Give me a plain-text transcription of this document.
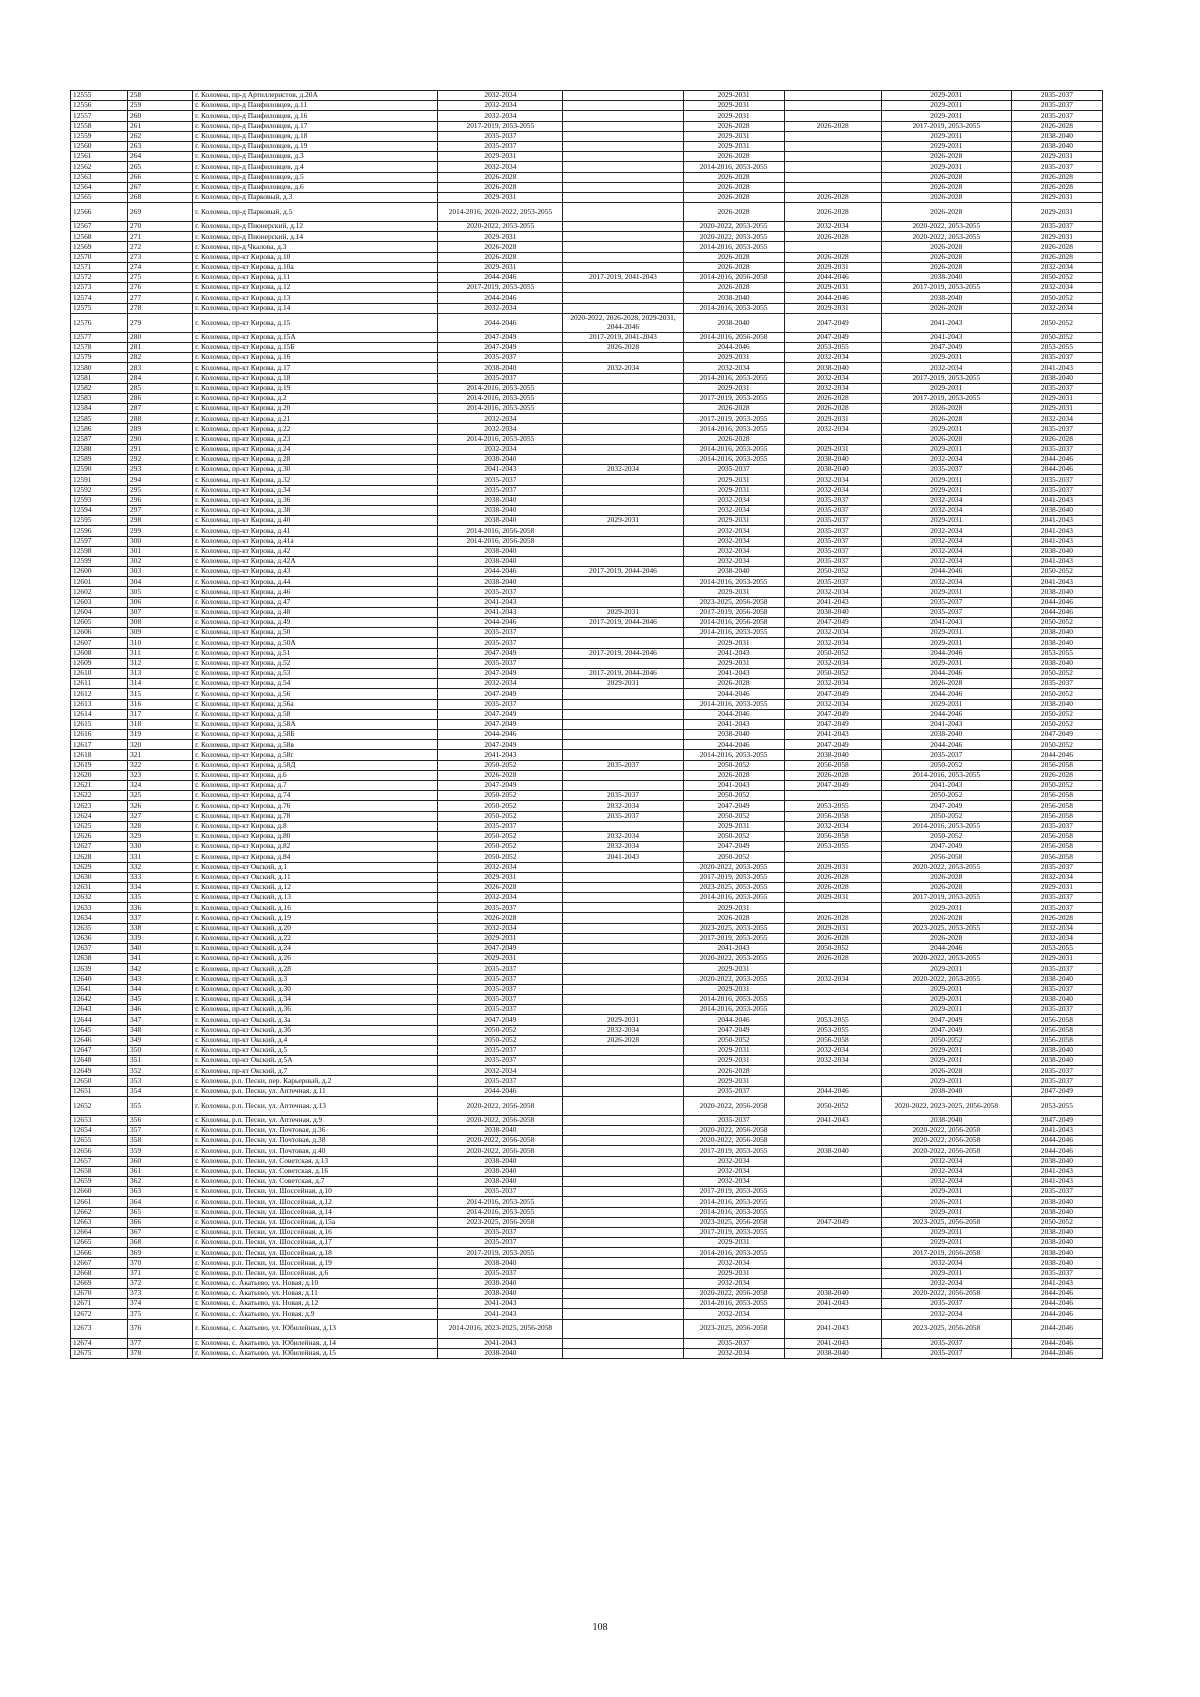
12555	258	г. Коломна, пр-д Артиллеристов, д.20А	2032-2034		2029-2031		2029-2031	2035-2037
12556	259	г. Коломна, пр-д Панфиловцев, д.11	2032-2034		2029-2031		2029-2031	2035-2037
12557	260	г. Коломна, пр-д Панфиловцев, д.16	2032-2034		2029-2031		2029-2031	2035-2037
12558	261	г. Коломна, пр-д Панфиловцев, д.17	2017-2019, 2053-2055		2026-2028	2026-2028	2017-2019, 2053-2055	2026-2028
12559	262	г. Коломна, пр-д Панфиловцев, д.18	2035-2037		2029-2031		2029-2031	2038-2040
12560	263	г. Коломна, пр-д Панфиловцев, д.19	2035-2037		2029-2031		2029-2031	2038-2040
12561	264	г. Коломна, пр-д Панфиловцев, д.3	2029-2031		2026-2028		2026-2028	2029-2031
12562	265	г. Коломна, пр-д Панфиловцев, д.4	2032-2034		2014-2016, 2053-2055		2029-2031	2035-2037
12563	266	г. Коломна, пр-д Панфиловцев, д.5	2026-2028		2026-2028		2026-2028	2026-2028
12564	267	г. Коломна, пр-д Панфиловцев, д.6	2026-2028		2026-2028		2026-2028	2026-2028
12565	268	г. Коломна, пр-д Парковый, д.3	2029-2031		2026-2028	2026-2028	2026-2028	2029-2031
12566	269	г. Коломна, пр-д Парковый, д.5	2014-2016, 2020-2022, 2053-2055		2026-2028	2026-2028	2026-2028	2029-2031
12567	270	г. Коломна, пр-д Пионерский, д.12	2020-2022, 2053-2055		2020-2022, 2053-2055	2032-2034	2020-2022, 2053-2055	2035-2037
12568	271	г. Коломна, пр-д Пионерский, д.14	2029-2031		2020-2022, 2053-2055	2026-2028	2020-2022, 2053-2055	2029-2031
12569	272	г. Коломна, пр-д Чкалова, д.3	2026-2028		2014-2016, 2053-2055		2026-2028	2026-2028
12570	273	г. Коломна, пр-кт Кирова, д.10	2026-2028		2026-2028	2026-2028	2026-2028	2026-2028
12571	274	г. Коломна, пр-кт Кирова, д.10а	2029-2031		2026-2028	2029-2031	2026-2028	2032-2034
12572	275	г. Коломна, пр-кт Кирова, д.11	2044-2046	2017-2019, 2041-2043	2014-2016, 2056-2058	2044-2046	2038-2040	2050-2052
12573	276	г. Коломна, пр-кт Кирова, д.12	2017-2019, 2053-2055		2026-2028	2029-2031	2017-2019, 2053-2055	2032-2034
12574	277	г. Коломна, пр-кт Кирова, д.13	2044-2046		2038-2040	2044-2046	2038-2040	2050-2052
12575	278	г. Коломна, пр-кт Кирова, д.14	2032-2034		2014-2016, 2053-2055	2029-2031	2026-2028	2032-2034
12576	279	г. Коломна, пр-кт Кирова, д.15	2044-2046	2020-2022, 2026-2028, 2029-2031, 2044-2046	2038-2040	2047-2049	2041-2043	2050-2052
12577	280	г. Коломна, пр-кт Кирова, д.15А	2047-2049	2017-2019, 2041-2043	2014-2016, 2056-2058	2047-2049	2041-2043	2050-2052
12578	281	г. Коломна, пр-кт Кирова, д.15Б	2047-2049	2026-2028	2044-2046	2053-2055	2047-2049	2053-2055
12579	282	г. Коломна, пр-кт Кирова, д.16	2035-2037		2029-2031	2032-2034	2029-2031	2035-2037
12580	283	г. Коломна, пр-кт Кирова, д.17	2038-2040	2032-2034	2032-2034	2038-2040	2032-2034	2041-2043
12581	284	г. Коломна, пр-кт Кирова, д.18	2035-2037		2014-2016, 2053-2055	2032-2034	2017-2019, 2053-2055	2038-2040
12582	285	г. Коломна, пр-кт Кирова, д.19	2014-2016, 2053-2055		2029-2031	2032-2034	2029-2031	2035-2037
12583	286	г. Коломна, пр-кт Кирова, д.2	2014-2016, 2053-2055		2017-2019, 2053-2055	2026-2028	2017-2019, 2053-2055	2029-2031
12584	287	г. Коломна, пр-кт Кирова, д.20	2014-2016, 2053-2055		2026-2028	2026-2028	2026-2028	2029-2031
12585	288	г. Коломна, пр-кт Кирова, д.21	2032-2034		2017-2019, 2053-2055	2029-2031	2026-2028	2032-2034
12586	289	г. Коломна, пр-кт Кирова, д.22	2032-2034		2014-2016, 2053-2055	2032-2034	2029-2031	2035-2037
12587	290	г. Коломна, пр-кт Кирова, д.23	2014-2016, 2053-2055		2026-2028		2026-2028	2026-2028
12588	291	г. Коломна, пр-кт Кирова, д.24	2032-2034		2014-2016, 2053-2055	2029-2031	2029-2031	2035-2037
12589	292	г. Коломна, пр-кт Кирова, д.28	2038-2040		2014-2016, 2053-2055	2038-2040	2032-2034	2044-2046
12590	293	г. Коломна, пр-кт Кирова, д.30	2041-2043	2032-2034	2035-2037	2038-2040	2035-2037	2044-2046
12591	294	г. Коломна, пр-кт Кирова, д.32	2035-2037		2029-2031	2032-2034	2029-2031	2035-2037
12592	295	г. Коломна, пр-кт Кирова, д.34	2035-2037		2029-2031	2032-2034	2029-2031	2035-2037
12593	296	г. Коломна, пр-кт Кирова, д.36	2038-2040		2032-2034	2035-2037	2032-2034	2041-2043
12594	297	г. Коломна, пр-кт Кирова, д.38	2038-2040		2032-2034	2035-2037	2032-2034	2038-2040
12595	298	г. Коломна, пр-кт Кирова, д.40	2038-2040	2029-2031	2029-2031	2035-2037	2029-2031	2041-2043
12596	299	г. Коломна, пр-кт Кирова, д.41	2014-2016, 2056-2058		2032-2034	2035-2037	2032-2034	2041-2043
12597	300	г. Коломна, пр-кт Кирова, д.41а	2014-2016, 2056-2058		2032-2034	2035-2037	2032-2034	2041-2043
12598	301	г. Коломна, пр-кт Кирова, д.42	2038-2040		2032-2034	2035-2037	2032-2034	2038-2040
12599	302	г. Коломна, пр-кт Кирова, д.42А	2038-2040		2032-2034	2035-2037	2032-2034	2041-2043
12600	303	г. Коломна, пр-кт Кирова, д.43	2044-2046	2017-2019, 2044-2046	2038-2040	2050-2052	2044-2046	2050-2052
12601	304	г. Коломна, пр-кт Кирова, д.44	2038-2040		2014-2016, 2053-2055	2035-2037	2032-2034	2041-2043
12602	305	г. Коломна, пр-кт Кирова, д.46	2035-2037		2029-2031	2032-2034	2029-2031	2038-2040
12603	306	г. Коломна, пр-кт Кирова, д.47	2041-2043		2023-2025, 2056-2058	2041-2043	2035-2037	2044-2046
12604	307	г. Коломна, пр-кт Кирова, д.48	2041-2043	2029-2031	2017-2019, 2056-2058	2038-2040	2035-2037	2044-2046
12605	308	г. Коломна, пр-кт Кирова, д.49	2044-2046	2017-2019, 2044-2046	2014-2016, 2056-2058	2047-2049	2041-2043	2050-2052
12606	309	г. Коломна, пр-кт Кирова, д.50	2035-2037		2014-2016, 2053-2055	2032-2034	2029-2031	2038-2040
12607	310	г. Коломна, пр-кт Кирова, д.50А	2035-2037		2029-2031	2032-2034	2029-2031	2038-2040
12608	311	г. Коломна, пр-кт Кирова, д.51	2047-2049	2017-2019, 2044-2046	2041-2043	2050-2052	2044-2046	2053-2055
12609	312	г. Коломна, пр-кт Кирова, д.52	2035-2037		2029-2031	2032-2034	2029-2031	2038-2040
12610	313	г. Коломна, пр-кт Кирова, д.53	2047-2049	2017-2019, 2044-2046	2041-2043	2050-2052	2044-2046	2050-2052
12611	314	г. Коломна, пр-кт Кирова, д.54	2032-2034	2029-2031	2026-2028	2032-2034	2026-2028	2035-2037
12612	315	г. Коломна, пр-кт Кирова, д.56	2047-2049		2044-2046	2047-2049	2044-2046	2050-2052
12613	316	г. Коломна, пр-кт Кирова, д.56а	2035-2037		2014-2016, 2053-2055	2032-2034	2029-2031	2038-2040
12614	317	г. Коломна, пр-кт Кирова, д.58	2047-2049		2044-2046	2047-2049	2044-2046	2050-2052
12615	318	г. Коломна, пр-кт Кирова, д.58А	2047-2049		2041-2043	2047-2049	2041-2043	2050-2052
12616	319	г. Коломна, пр-кт Кирова, д.58Б	2044-2046		2038-2040	2041-2043	2038-2040	2047-2049
12617	320	г. Коломна, пр-кт Кирова, д.58в	2047-2049		2044-2046	2047-2049	2044-2046	2050-2052
12618	321	г. Коломна, пр-кт Кирова, д.58г	2041-2043		2014-2016, 2053-2055	2038-2040	2035-2037	2044-2046
12619	322	г. Коломна, пр-кт Кирова, д.58Д	2050-2052	2035-2037	2050-2052	2056-2058	2050-2052	2056-2058
12620	323	г. Коломна, пр-кт Кирова, д.6	2026-2028		2026-2028	2026-2028	2014-2016, 2053-2055	2026-2028
12621	324	г. Коломна, пр-кт Кирова, д.7	2047-2049		2041-2043	2047-2049	2041-2043	2050-2052
12622	325	г. Коломна, пр-кт Кирова, д.74	2050-2052	2035-2037	2050-2052		2050-2052	2056-2058
12623	326	г. Коломна, пр-кт Кирова, д.76	2050-2052	2032-2034	2047-2049	2053-2055	2047-2049	2056-2058
12624	327	г. Коломна, пр-кт Кирова, д.78	2050-2052	2035-2037	2050-2052	2056-2058	2050-2052	2056-2058
12625	328	г. Коломна, пр-кт Кирова, д.8	2035-2037		2029-2031	2032-2034	2014-2016, 2053-2055	2035-2037
12626	329	г. Коломна, пр-кт Кирова, д.80	2050-2052	2032-2034	2050-2052	2056-2058	2050-2052	2056-2058
12627	330	г. Коломна, пр-кт Кирова, д.82	2050-2052	2032-2034	2047-2049	2053-2055	2047-2049	2056-2058
12628	331	г. Коломна, пр-кт Кирова, д.84	2050-2052	2041-2043	2050-2052		2056-2058	2056-2058
12629	332	г. Коломна, пр-кт Окский, д.1	2032-2034		2020-2022, 2053-2055	2029-2031	2020-2022, 2053-2055	2035-2037
12630	333	г. Коломна, пр-кт Окский, д.11	2029-2031		2017-2019, 2053-2055	2026-2028	2026-2028	2032-2034
12631	334	г. Коломна, пр-кт Окский, д.12	2026-2028		2023-2025, 2053-2055	2026-2028	2026-2028	2029-2031
12632	335	г. Коломна, пр-кт Окский, д.13	2032-2034		2014-2016, 2053-2055	2029-2031	2017-2019, 2053-2055	2035-2037
12633	336	г. Коломна, пр-кт Окский, д.16	2035-2037		2029-2031		2029-2031	2035-2037
12634	337	г. Коломна, пр-кт Окский, д.19	2026-2028		2026-2028	2026-2028	2026-2028	2026-2028
12635	338	г. Коломна, пр-кт Окский, д.20	2032-2034		2023-2025, 2053-2055	2029-2031	2023-2025, 2053-2055	2032-2034
12636	339	г. Коломна, пр-кт Окский, д.22	2029-2031		2017-2019, 2053-2055	2026-2028	2026-2028	2032-2034
12637	340	г. Коломна, пр-кт Окский, д.24	2047-2049		2041-2043	2050-2052	2044-2046	2053-2055
12638	341	г. Коломна, пр-кт Окский, д.26	2029-2031		2020-2022, 2053-2055	2026-2028	2020-2022, 2053-2055	2029-2031
12639	342	г. Коломна, пр-кт Окский, д.28	2035-2037		2029-2031		2029-2031	2035-2037
12640	343	г. Коломна, пр-кт Окский, д.3	2035-2037		2020-2022, 2053-2055	2032-2034	2020-2022, 2053-2055	2038-2040
12641	344	г. Коломна, пр-кт Окский, д.30	2035-2037		2029-2031		2029-2031	2035-2037
12642	345	г. Коломна, пр-кт Окский, д.34	2035-2037		2014-2016, 2053-2055		2029-2031	2038-2040
12643	346	г. Коломна, пр-кт Окский, д.36	2035-2037		2014-2016, 2053-2055		2029-2031	2035-2037
12644	347	г. Коломна, пр-кт Окский, д.3а	2047-2049	2029-2031	2044-2046	2053-2055	2047-2049	2056-2058
12645	348	г. Коломна, пр-кт Окский, д.3б	2050-2052	2032-2034	2047-2049	2053-2055	2047-2049	2056-2058
12646	349	г. Коломна, пр-кт Окский, д.4	2050-2052	2026-2028	2050-2052	2056-2058	2050-2052	2056-2058
12647	350	г. Коломна, пр-кт Окский, д.5	2035-2037		2029-2031	2032-2034	2029-2031	2038-2040
12648	351	г. Коломна, пр-кт Окский, д.5А	2035-2037		2029-2031	2032-2034	2029-2031	2038-2040
12649	352	г. Коломна, пр-кт Окский, д.7	2032-2034		2026-2028		2026-2028	2035-2037
12650	353	г. Коломна, р.п. Пески, пер. Карьерный, д.2	2035-2037		2029-2031		2029-2031	2035-2037
12651	354	г. Коломна, р.п. Пески, ул. Аптечная, д.11	2044-2046		2035-2037	2044-2046	2038-2040	2047-2049
12652	355	г. Коломна, р.п. Пески, ул. Аптечная, д.13	2020-2022, 2056-2058		2020-2022, 2056-2058	2050-2052	2020-2022, 2023-2025, 2056-2058	2053-2055
12653	356	г. Коломна, р.п. Пески, ул. Аптечная, д.9	2020-2022, 2056-2058		2035-2037	2041-2043	2038-2040	2047-2049
12654	357	г. Коломна, р.п. Пески, ул. Почтовая, д.36	2038-2040		2020-2022, 2056-2058		2020-2022, 2056-2058	2041-2043
12655	358	г. Коломна, р.п. Пески, ул. Почтовая, д.38	2020-2022, 2056-2058		2020-2022, 2056-2058		2020-2022, 2056-2058	2044-2046
12656	359	г. Коломна, р.п. Пески, ул. Почтовая, д.40	2020-2022, 2056-2058		2017-2019, 2053-2055	2038-2040	2020-2022, 2056-2058	2044-2046
12657	360	г. Коломна, р.п. Пески, ул. Советская, д.13	2038-2040		2032-2034		2032-2034	2038-2040
12658	361	г. Коломна, р.п. Пески, ул. Советская, д.16	2038-2040		2032-2034		2032-2034	2041-2043
12659	362	г. Коломна, р.п. Пески, ул. Советская, д.7	2038-2040		2032-2034		2032-2034	2041-2043
12660	363	г. Коломна, р.п. Пески, ул. Шоссейная, д.10	2035-2037		2017-2019, 2053-2055		2029-2031	2035-2037
12661	364	г. Коломна, р.п. Пески, ул. Шоссейная, д.12	2014-2016, 2053-2055		2014-2016, 2053-2055		2026-2031	2038-2040
12662	365	г. Коломна, р.п. Пески, ул. Шоссейная, д.14	2014-2016, 2053-2055		2014-2016, 2053-2055		2029-2031	2038-2040
12663	366	г. Коломна, р.п. Пески, ул. Шоссейная, д.15а	2023-2025, 2056-2058		2023-2025, 2056-2058	2047-2049	2023-2025, 2056-2058	2050-2052
12664	367	г. Коломна, р.п. Пески, ул. Шоссейная, д.16	2035-2037		2017-2019, 2053-2055		2029-2031	2038-2040
12665	368	г. Коломна, р.п. Пески, ул. Шоссейная, д.17	2035-2037		2029-2031		2029-2031	2038-2040
12666	369	г. Коломна, р.п. Пески, ул. Шоссейная, д.18	2017-2019, 2053-2055		2014-2016, 2053-2055		2017-2019, 2056-2058	2038-2040
12667	370	г. Коломна, р.п. Пески, ул. Шоссейная, д.19	2038-2040		2032-2034		2032-2034	2038-2040
12668	371	г. Коломна, р.п. Пески, ул. Шоссейная, д.6	2035-2037		2029-2031		2029-2031	2035-2037
12669	372	г. Коломна, с. Акатьево, ул. Новая, д.10	2038-2040		2032-2034		2032-2034	2041-2043
12670	373	г. Коломна, с. Акатьево, ул. Новая, д.11	2038-2040		2020-2022, 2056-2058	2038-2040	2020-2022, 2056-2058	2044-2046
12671	374	г. Коломна, с. Акатьево, ул. Новая, д.12	2041-2043		2014-2016, 2053-2055	2041-2043	2035-2037	2044-2046
12672	375	г. Коломна, с. Акатьево, ул. Новая, д.9	2041-2043		2032-2034		2032-2034	2044-2046
12673	376	г. Коломна, с. Акатьево, ул. Юбилейная, д.13	2014-2016, 2023-2025, 2056-2058		2023-2025, 2056-2058	2041-2043	2023-2025, 2056-2058	2044-2046
12674	377	г. Коломна, с. Акатьево, ул. Юбилейная, д.14	2041-2043		2035-2037	2041-2043	2035-2037	2044-2046
12675	378	г. Коломна, с. Акатьево, ул. Юбилейная, д.15	2038-2040		2032-2034	2038-2040	2035-2037	2044-2046
108
